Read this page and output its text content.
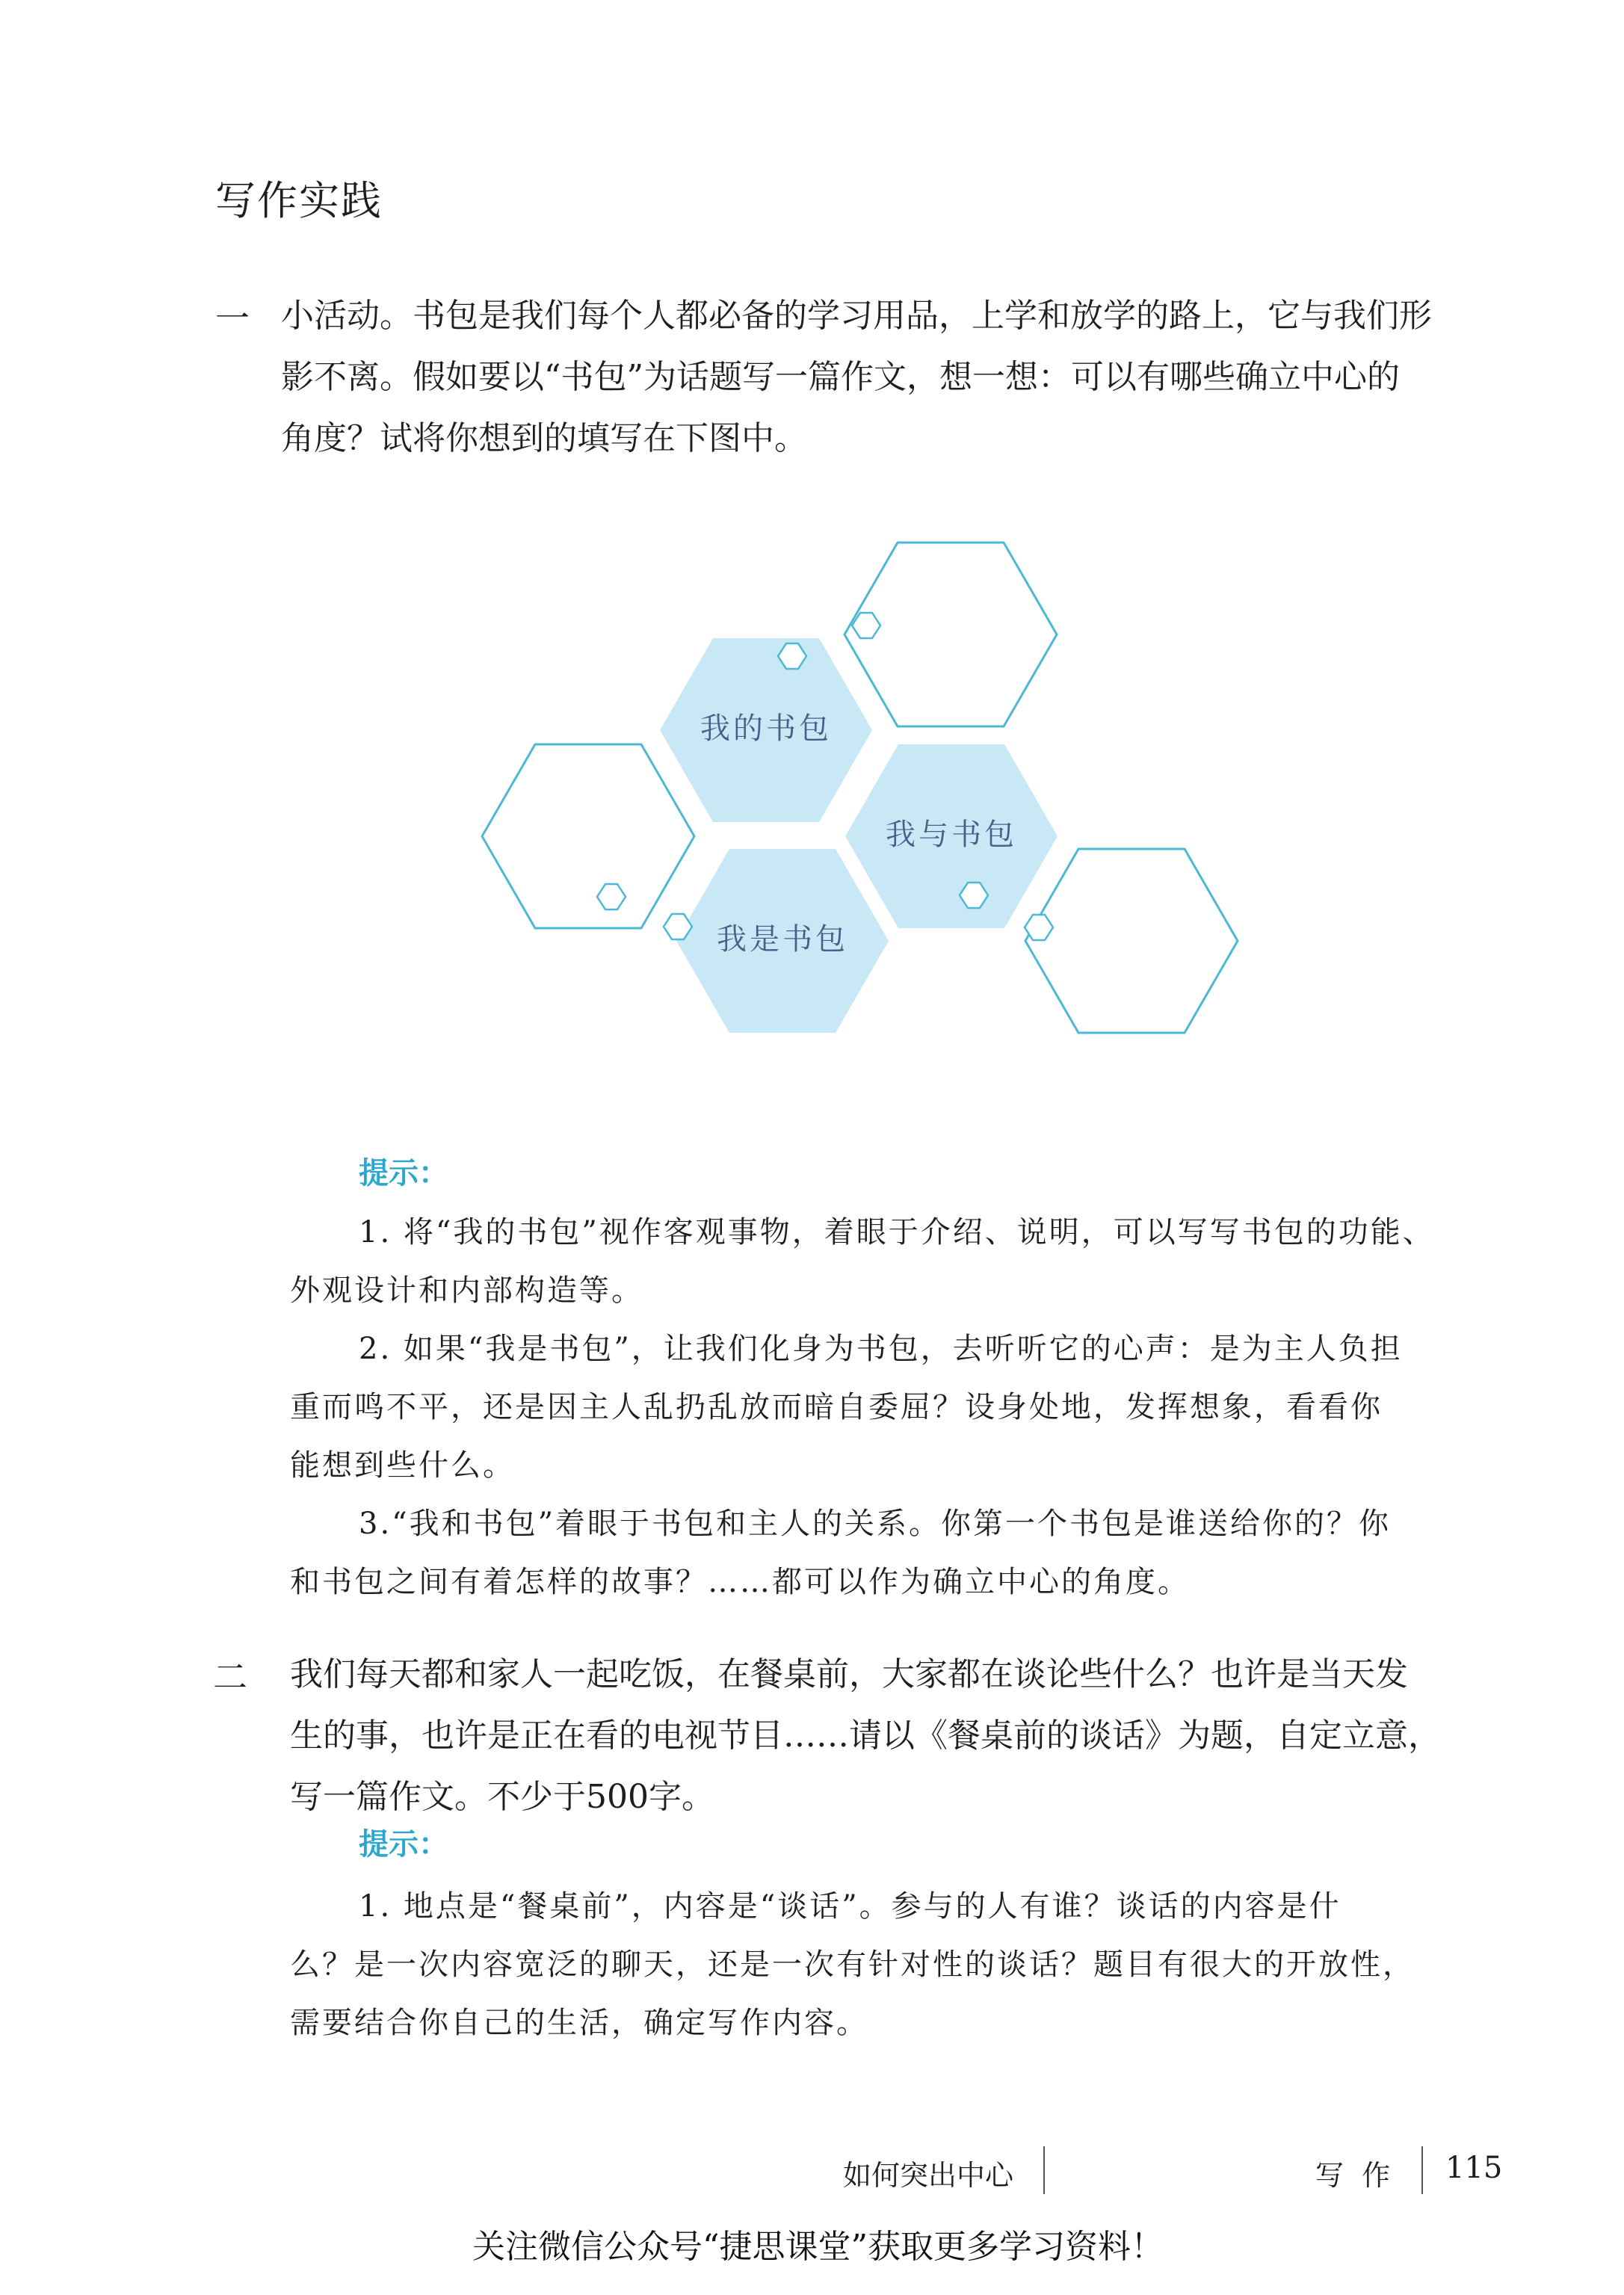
写作实践
一 小活动。书包是我们每个人都必备的学习用品，上学和放学的路上，它与我们形
影不离。假如要以“书包”为话题写一篇作文，想一想：可以有哪些确立中心的
角度？试将你想到的填写在下图中。
我的书包
我与书包
我是书包
提示：
1. 将“我的书包”视作客观事物，着眼于介绍、说明，可以写写书包的功能、
外观设计和内部构造等。
2. 如果“我是书包”，让我们化身为书包，去听听它的心声：是为主人负担
重而鸣不平，还是因主人乱扔乱放而暗自委屈？设身处地，发挥想象，看看你
能想到些什么。
3.“我和书包”着眼于书包和主人的关系。你第一个书包是谁送给你的？你
和书包之间有着怎样的故事？……都可以作为确立中心的角度。
二 我们每天都和家人一起吃饭，在餐桌前，大家都在谈论些什么？也许是当天发
生的事，也许是正在看的电视节目……请以《餐桌前的谈话》为题，自定立意，
写一篇作文。不少于500字。
提示：
1. 地点是“餐桌前”，内容是“谈话”。参与的人有谁？谈话的内容是什
么？是一次内容宽泛的聊天，还是一次有针对性的谈话？题目有很大的开放性，
需要结合你自己的生活，确定写作内容。
如何突出中心	写 作 115
关注微信公众号“捷思课堂”获取更多学习资料！
